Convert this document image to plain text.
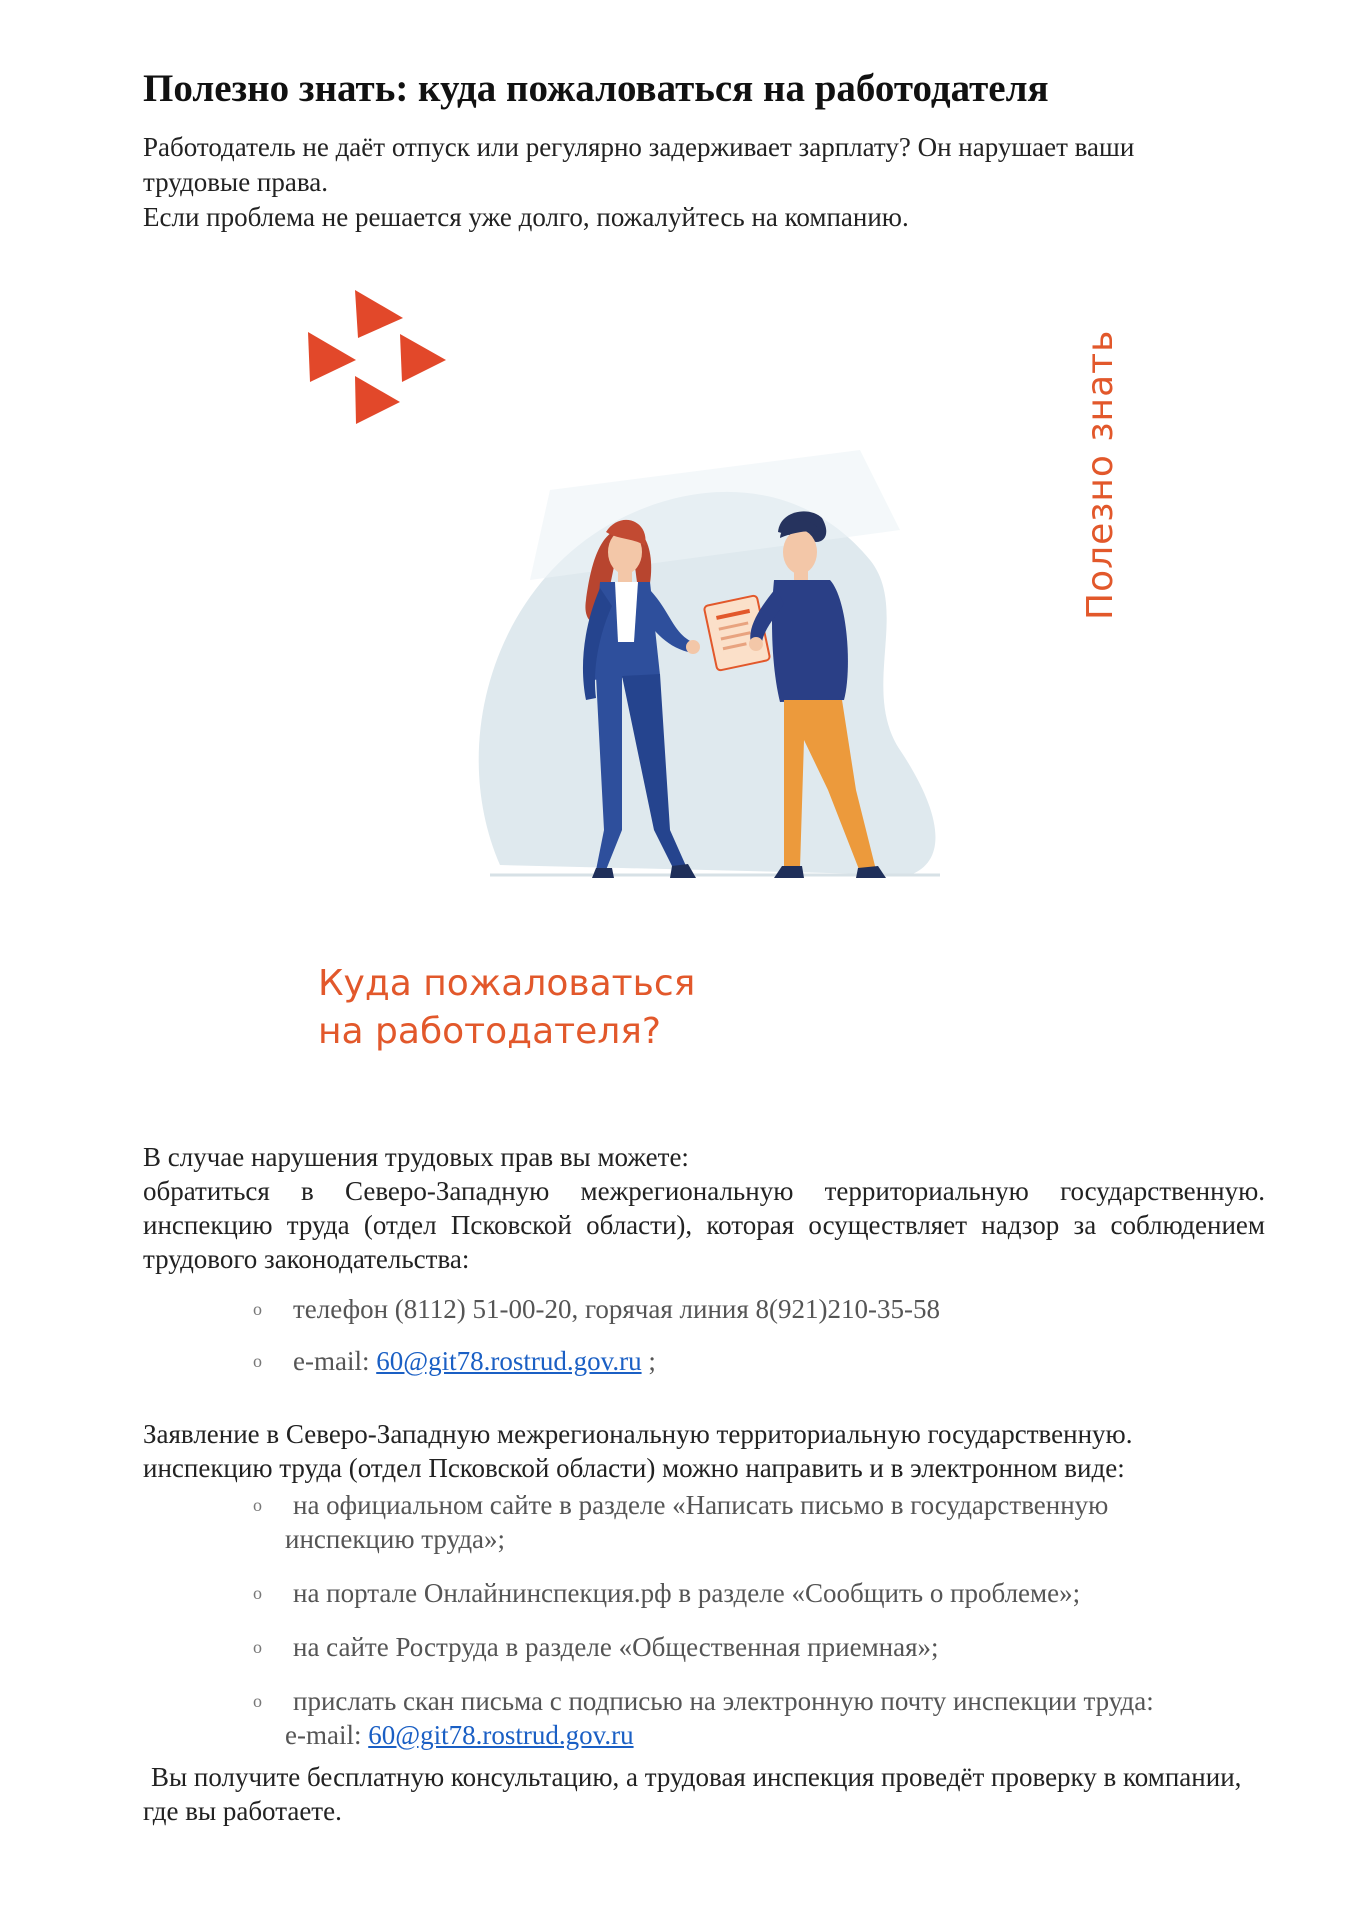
Полезно знать: куда пожаловаться на работодателя
Работодатель не даёт отпуск или регулярно задерживает зарплату? Он нарушает ваши
трудовые права.
Если проблема не решается уже долго, пожалуйтесь на компанию.
Полезно знать
Куда пожаловаться
на работодателя?
В случае нарушения трудовых прав вы можете:
обратиться в Северо-Западную межрегиональную территориальную государственную. инспекцию труда (отдел Псковской области), которая осуществляет надзор за соблюдением трудового законодательства:
o телефон (8112) 51-00-20, горячая линия 8(921)210-35-58
o e-mail: 60@git78.rostrud.gov.ru ;
Заявление в Северо-Западную межрегиональную территориальную государственную. инспекцию труда (отдел Псковской области) можно направить и в электронном виде:
o на официальном сайте в разделе «Написать письмо в государственную
инспекцию труда»;
o на портале Онлайнинспекция.рф в разделе «Сообщить о проблеме»;
o на сайте Роструда в разделе «Общественная приемная»;
o прислать скан письма с подписью на электронную почту инспекции труда:
e-mail: 60@git78.rostrud.gov.ru
Вы получите бесплатную консультацию, а трудовая инспекция проведёт проверку в компании, где вы работаете.
